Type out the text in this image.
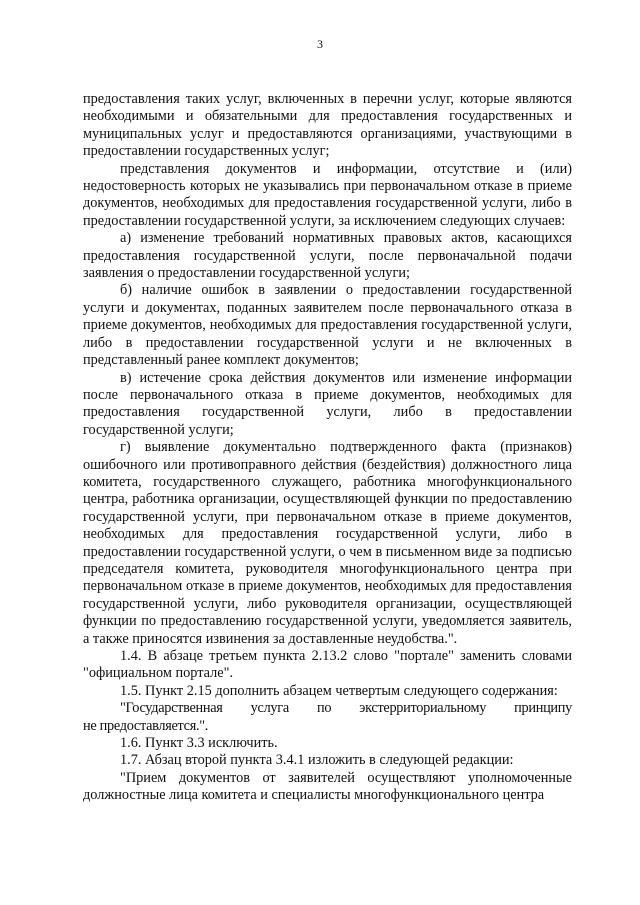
3

предоставления таких услуг, включенных в перечни услуг, которые являются необходимыми и обязательными для предоставления государственных и муниципальных услуг и предоставляются организациями, участвующими в предоставлении государственных услуг;

представления документов и информации, отсутствие и (или) недостоверность которых не указывались при первоначальном отказе в приеме документов, необходимых для предоставления государственной услуги, либо в предоставлении государственной услуги, за исключением следующих случаев:

а) изменение требований нормативных правовых актов, касающихся предоставления государственной услуги, после первоначальной подачи заявления о предоставлении государственной услуги;

б) наличие ошибок в заявлении о предоставлении государственной услуги и документах, поданных заявителем после первоначального отказа в приеме документов, необходимых для предоставления государственной услуги, либо в предоставлении государственной услуги и не включенных в представленный ранее комплект документов;

в) истечение срока действия документов или изменение информации после первоначального отказа в приеме документов, необходимых для предоставления государственной услуги, либо в предоставлении государственной услуги;

г) выявление документально подтвержденного факта (признаков) ошибочного или противоправного действия (бездействия) должностного лица комитета, государственного служащего, работника многофункционального центра, работника организации, осуществляющей функции по предоставлению государственной услуги, при первоначальном отказе в приеме документов, необходимых для предоставления государственной услуги, либо в предоставлении государственной услуги, о чем в письменном виде за подписью председателя комитета, руководителя многофункционального центра при первоначальном отказе в приеме документов, необходимых для предоставления государственной услуги, либо руководителя организации, осуществляющей функции по предоставлению государственной услуги, уведомляется заявитель, а также приносятся извинения за доставленные неудобства.".

1.4. В абзаце третьем пункта 2.13.2 слово "портале" заменить словами "официальном портале".

1.5. Пункт 2.15 дополнить абзацем четвертым следующего содержания:

"Государственная услуга по экстерриториальному принципу

не предоставляется.".

1.6. Пункт 3.3 исключить.

1.7. Абзац второй пункта 3.4.1 изложить в следующей редакции:

"Прием документов от заявителей осуществляют уполномоченные должностные лица комитета и специалисты многофункционального центра
